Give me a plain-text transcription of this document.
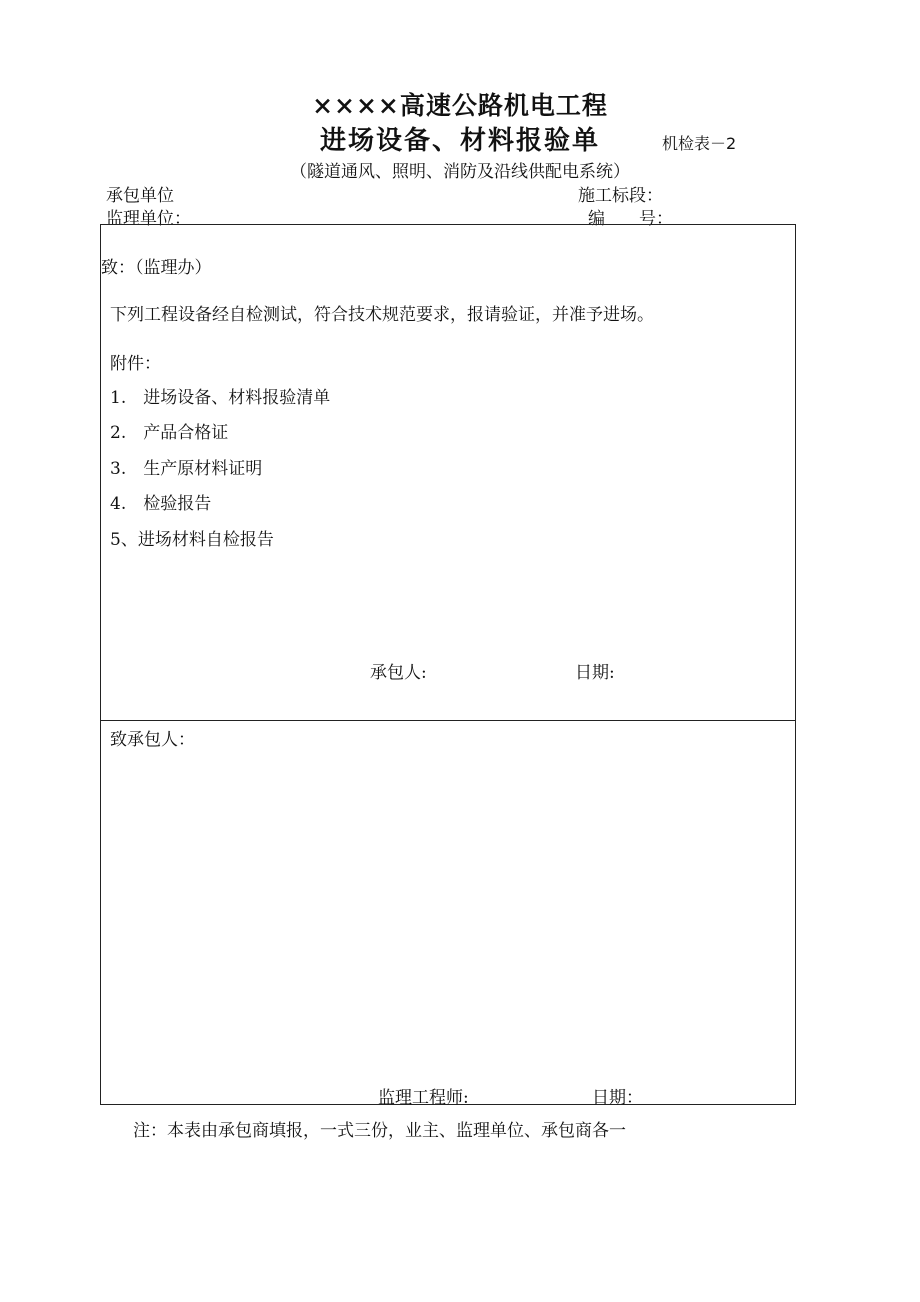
××××高速公路机电工程
进场设备、材料报验单	机检表－2
（隧道通风、照明、消防及沿线供配电系统）
承包单位	施工标段：
监理单位：	编　　号：
致：（监理办）
下列工程设备经自检测试，符合技术规范要求，报请验证，并准予进场。
附件：
1.　进场设备、材料报验清单
2.　产品合格证
3.　生产原材料证明
4.　检验报告
5、进场材料自检报告
承包人:	日期:
致承包人：
监理工程师:	日期：
注：本表由承包商填报，一式三份，业主、监理单位、承包商各一
